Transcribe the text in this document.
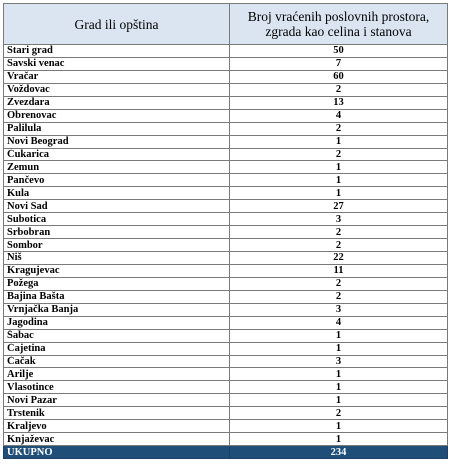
Grad ili opština	Broj vraćenih poslovnih prostora,
zgrada kao celina i stanova

Stari grad	50
Savski venac	7
Vračar	60
Voždovac	2
Zvezdara	13
Obrenovac	4
Palilula	2
Novi Beograd	1
Čukarica	2
Zemun	1
Pančevo	1
Kula	1
Novi Sad	27
Subotica	3
Srbobran	2
Sombor	2
Niš	22
Kragujevac	11
Požega	2
Bajina Bašta	2
Vrnjačka Banja	3
Jagodina	4
Šabac	1
Čajetina	1
Čačak	3
Arilje	1
Vlasotince	1
Novi Pazar	1
Trstenik	2
Kraljevo	1
Knjaževac	1
UKUPNO	234
